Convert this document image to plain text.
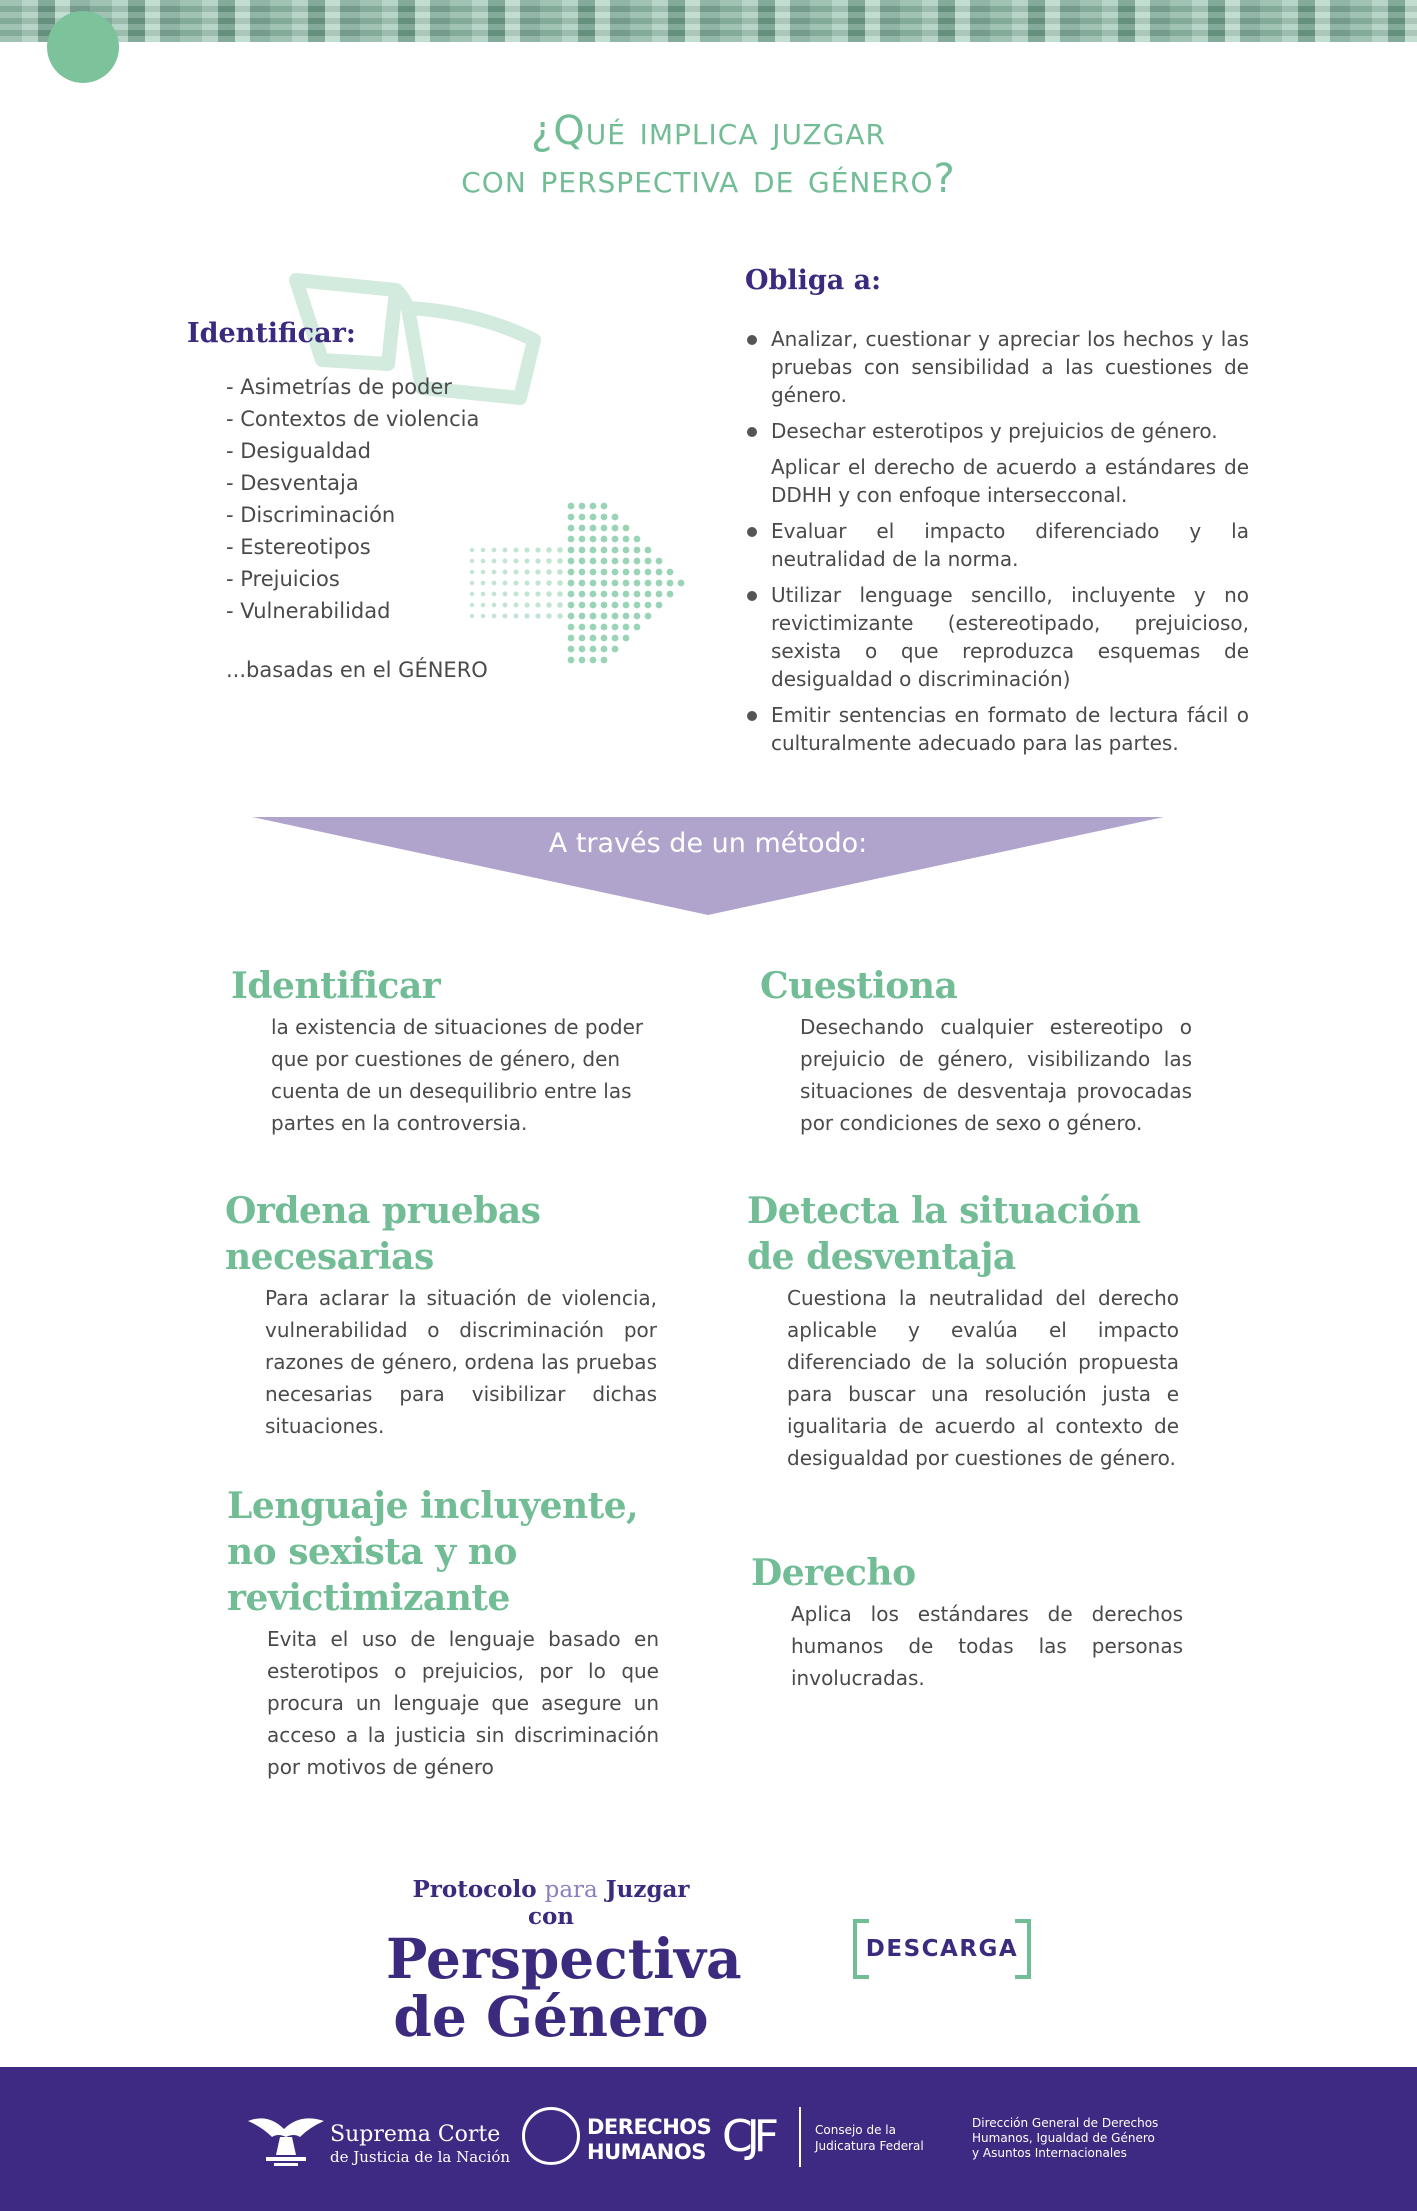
¿Qué implica juzgar
con perspectiva de género?
Identificar:
- Asimetrías de poder
- Contextos de violencia
- Desigualdad
- Desventaja
- Discriminación
- Estereotipos
- Prejuicios
- Vulnerabilidad
...basadas en el GÉNERO
Obliga a:
Analizar, cuestionar y apreciar los hechos y las pruebas con sensibilidad a las cuestiones de género.
Desechar esterotipos y prejuicios de género.
Aplicar el derecho de acuerdo a estándares de DDHH y con enfoque intersecconal.
Evaluar el impacto diferenciado y la neutralidad de la norma.
Utilizar lenguage sencillo, incluyente y no revictimizante (estereotipado, prejuicioso, sexista o que reproduzca esquemas de desigualdad o discriminación)
Emitir sentencias en formato de lectura fácil o culturalmente adecuado para las partes.
A través de un método:
Identificar

la existencia de situaciones de poder que por cuestiones de género, den cuenta de un desequilibrio entre las partes en la controversia.

Cuestiona

Desechando cualquier estereotipo o prejuicio de género, visibilizando las situaciones de desventaja provocadas por condiciones de sexo o género.

Ordena pruebas necesarias

Para aclarar la situación de violencia, vulnerabilidad o discriminación por razones de género, ordena las pruebas necesarias para visibilizar dichas situaciones.

Detecta la situación de desventaja

Cuestiona la neutralidad del derecho aplicable y evalúa el impacto diferenciado de la solución propuesta para buscar una resolución justa e igualitaria de acuerdo al contexto de desigualdad por cuestiones de género.

Lenguaje incluyente, no sexista y no revictimizante

Evita el uso de lenguaje basado en esterotipos o prejuicios, por lo que procura un lenguaje que asegure un acceso a la justicia sin discriminación por motivos de género

Derecho

Aplica los estándares de derechos humanos de todas las personas involucradas.

Protocolo para Juzgar con
Perspectiva
de Género
DESCARGA
Suprema Corte
de Justicia de la Nación
DERECHOS
HUMANOS CJF	Consejo de la
Judicatura Federal
Dirección General de Derechos
Humanos, Igualdad de Género
y Asuntos Internacionales
